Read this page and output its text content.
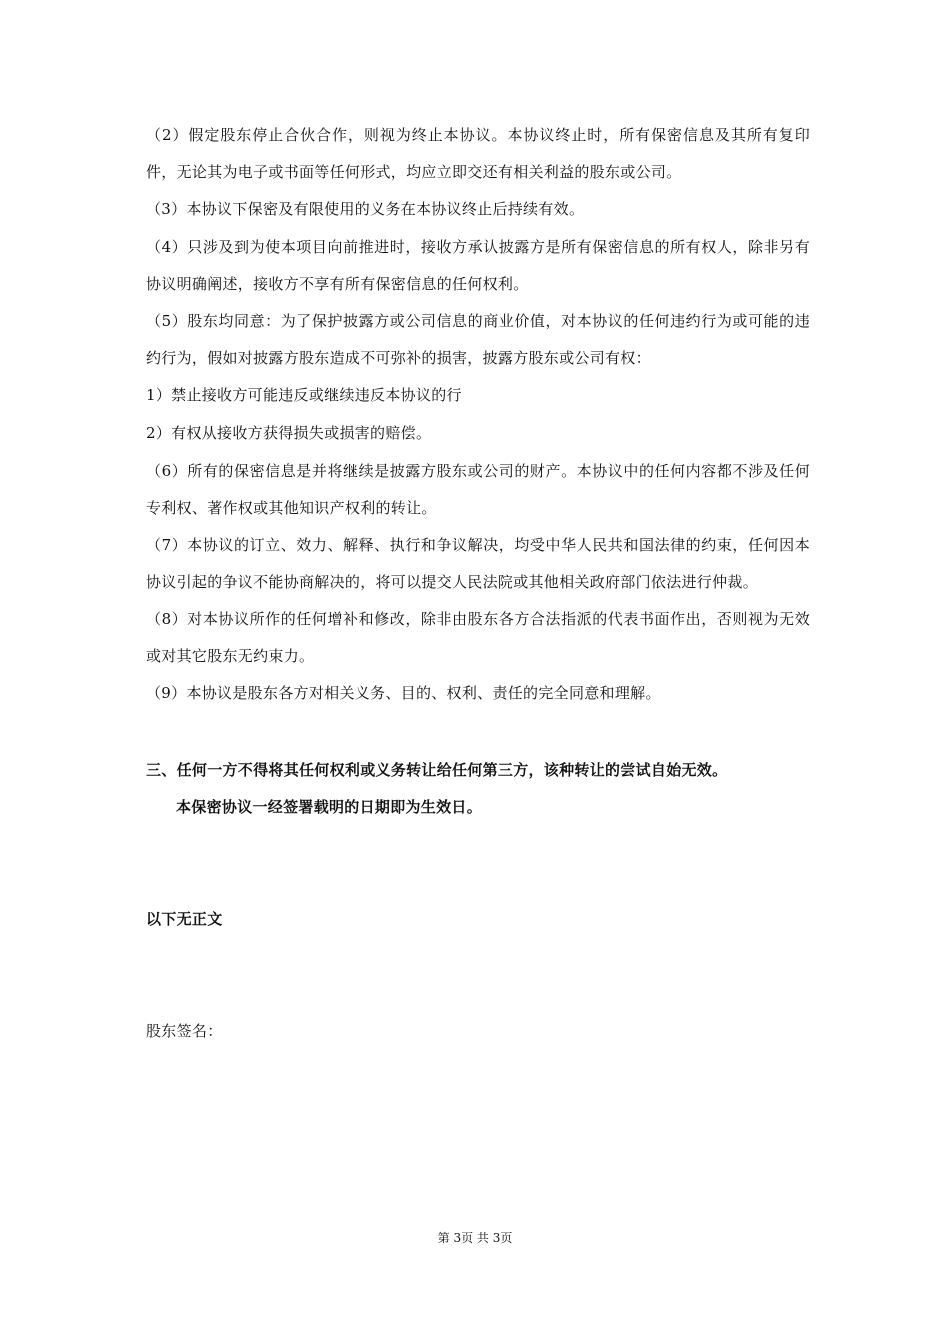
（2）假定股东停止合伙合作，则视为终止本协议。本协议终止时，所有保密信息及其所有复印件，无论其为电子或书面等任何形式，均应立即交还有相关利益的股东或公司。
（3）本协议下保密及有限使用的义务在本协议终止后持续有效。
（4）只涉及到为使本项目向前推进时，接收方承认披露方是所有保密信息的所有权人，除非另有协议明确阐述，接收方不享有所有保密信息的任何权利。
（5）股东均同意：为了保护披露方或公司信息的商业价值，对本协议的任何违约行为或可能的违约行为，假如对披露方股东造成不可弥补的损害，披露方股东或公司有权：
1）禁止接收方可能违反或继续违反本协议的行
2）有权从接收方获得损失或损害的赔偿。
（6）所有的保密信息是并将继续是披露方股东或公司的财产。本协议中的任何内容都不涉及任何专利权、著作权或其他知识产权利的转让。
（7）本协议的订立、效力、解释、执行和争议解决，均受中华人民共和国法律的约束，任何因本协议引起的争议不能协商解决的，将可以提交人民法院或其他相关政府部门依法进行仲裁。
（8）对本协议所作的任何增补和修改，除非由股东各方合法指派的代表书面作出，否则视为无效或对其它股东无约束力。
（9）本协议是股东各方对相关义务、目的、权利、责任的完全同意和理解。
三、任何一方不得将其任何权利或义务转让给任何第三方，该种转让的尝试自始无效。
本保密协议一经签署载明的日期即为生效日。
以下无正文
股东签名：
第 3页 共 3页
